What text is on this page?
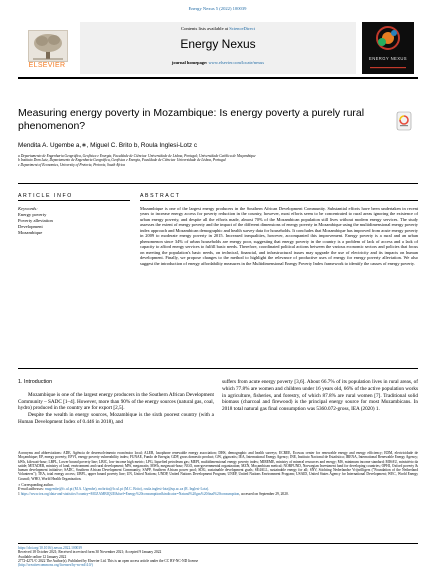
Energy Nexus 5 (2022) 100039
ELSEVIER
Contents lists available at ScienceDirect
Energy Nexus
journal homepage: www.elsevier.com/locate/nexus
ENERGY NEXUS
Measuring energy poverty in Mozambique: Is energy poverty a purely rural phenomenon?
Mendita A. Ugembe a,∗, Miguel C. Brito b, Roula Inglesi-Lotz c
a Departamento de Engenharia Geográfica, Geofísica e Energia, Faculdade de Ciências· Universidade de Lisboa, Portugal; Universidade Católica de Moçambique
b Instituto Dom Luiz, Departamento de Engenharia Geográfica, Geofísica e Energia, Faculdade de Ciências· Universidade de Lisboa, Portugal
c Department of Economics, University of Pretoria, Pretoria, South Africa
ARTICLE INFO	ABSTRACT
Keywords:
Energy poverty
Poverty alleviation
Development
Mozambique
Mozambique is one of the largest energy producers in the Southern African Development Community. Substantial efforts have been undertaken in recent years to increase energy access for poverty reduction in the country, however, most efforts seem to be concentrated to rural areas ignoring the existence of urban energy poverty, and despite all the efforts made, almost 70% of the Mozambican population still lives without modern energy services. The study assesses the extent of energy poverty and the impact of the different dimensions of energy poverty in Mozambique using the multidimensional energy poverty index approach and Mozambican demographic and health survey data for households. It concludes that Mozambique has improved from acute energy poverty in 2009 to moderate energy poverty in 2015. Increased inequalities, however, accompanied this improvement. Energy poverty is a rural and an urban phenomenon since 34% of urban households are energy poor, suggesting that energy poverty in the country is a problem of lack of access and a lack of capacity to afford energy services to fulfill basic needs. Therefore, coordinated political actions between the various economic sectors and policies that focus on meeting the population's basic needs, on technical, financial, and infrastructural issues may upgrade the use of electricity and its impacts on human development. Finally, we propose changes to the method to highlight the relevance of productive uses of energy for energy poverty alleviation. We also suggest the introduction of energy affordability measures in the Multidimensional Energy Poverty Index framework to identify the causes of energy poverty.
1. Introduction

Mozambique is one of the largest energy producers in the Southern African Development Community – SADC [1–4]. However, more than 90% of the energy sources (natural gas, coal, hydro) produced in the country are for export [2,5].

Despite the wealth in energy sources, Mozambique is the sixth poorest country (with a Human Development Index of 0.446 in 2018), and

suffers from acute energy poverty [3,6]. About 66.7% of its population lives in rural areas, of which 77.8% are women and children under 16 years old, 66% of the active population works in agriculture, fisheries, and forestry, of which 87.8% are rural women [7]. Traditional solid biomass (charcoal and firewood) is the principal energy source for most Mozambicans. In 2018 total natural gas final consumption was 5360.072-gross, IEA (2020) 1.

Acronyms and abbreviations: ADE, Agência de desenvolvimento económico local; ALER, lusophone renewable energy association; DHS, demographic and health surveys; ECREE, Ecowas center for renewable energy and energy efficiency; EDM, electricidade de Moçambique; EP, energy poverty; EPVI, energy poverty vulnerability index; FUNAE, Fundo de Energia; GDP, gross domestic product; GW, gigawatts; IEA, International Energy Agency; INE, Instituto Nacional de Estatística; IRENA, International Renewable Energy Agency; kWh, kilowatt-hour; LBPL, Lower bound poverty line; LBIC, low-income high metric; LPG, liquefied petroleum gas; MEPI, multidimensional energy poverty index; MIREME, ministry of mineral resources and energy; MS, minimum income standard; MISAU, ministério da saúde; MITADER, ministry of land, environment and rural development; MW, megawatts; MWh, megawatt-hour; NGO, non-governmental organization; MZN, Moçambican metical; NORFUND, Norwegian Investment fund for developing countries; OPHI, Oxford poverty & human development initiative; SADC, Southern African Development Community; SAPP, Southern African power pool; SDG, sustainable development goals; SE4ALL, sustainable energy for all; SNV, Stichting Nederlandse Vrijwilligers ("Foundation of the Netherland Volunteers"); TEA, total energy access; UBPL, upper bound poverty line; UN, United Nations; UNDP, United Nations Development Program; UNEP, United Nations Environment Program; USAID, United States Agency for International Development; WEC, World Energy Council; WHO, World Health Organization.
∗ Corresponding author.
E-mail addresses: mugembe@fc.ul.pt (M.A. Ugembe), mcbrito@fc.ul.pt (M.C. Brito), roula.inglesi-lotz@up.ac.za (R. Inglesi-Lotz).
1 https://www.iea.org/data-and-statistics?country=MOZAMBIQUE&fuel=Energy%20consumption&indicator=Natural%20gas%20final%20consumption, accessed on September 29, 2020.
https://doi.org/10.1016/j.nexus.2022.100039
Received 18 October 2021; Received in revised form 30 November 2021; Accepted 9 January 2022
Available online 12 January 2022
2772-4271/© 2022 The Author(s). Published by Elsevier Ltd. This is an open access article under the CC BY-NC-ND license
(http://creativecommons.org/licenses/by-nc-nd/4.0/)
